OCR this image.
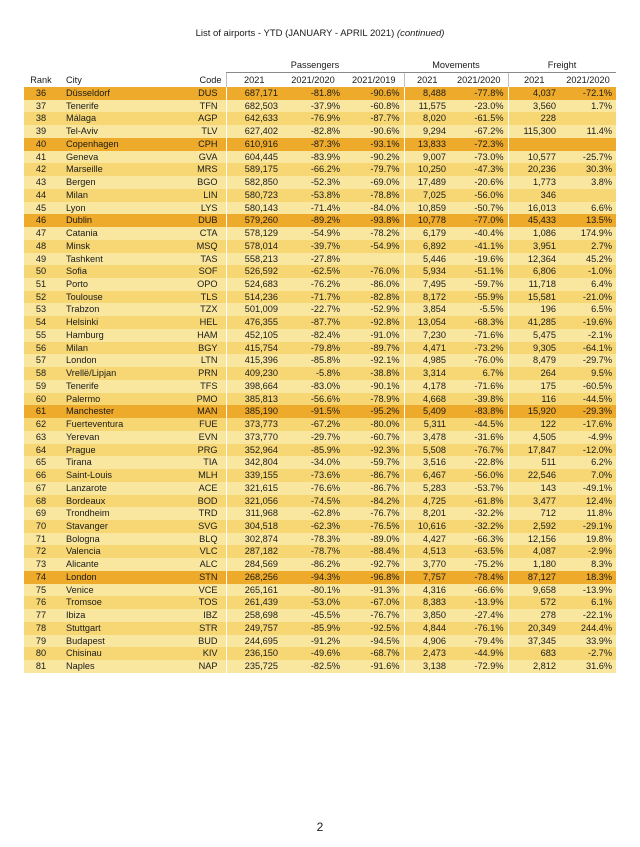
List of airports - YTD (JANUARY - APRIL 2021) (continued)
			Passengers			Movements		Freight	
Rank	City	Code	2021	2021/2020	2021/2019	2021	2021/2020	2021	2021/2020
36	Düsseldorf	DUS	687,171	-81.8%	-90.6%	8,488	-77.8%	4,037	-72.1%
37	Tenerife	TFN	682,503	-37.9%	-60.8%	11,575	-23.0%	3,560	1.7%
38	Málaga	AGP	642,633	-76.9%	-87.7%	8,020	-61.5%	228	
39	Tel-Aviv	TLV	627,402	-82.8%	-90.6%	9,294	-67.2%	115,300	11.4%
40	Copenhagen	CPH	610,916	-87.3%	-93.1%	13,833	-72.3%		
41	Geneva	GVA	604,445	-83.9%	-90.2%	9,007	-73.0%	10,577	-25.7%
42	Marseille	MRS	589,175	-66.2%	-79.7%	10,250	-47.3%	20,236	30.3%
43	Bergen	BGO	582,850	-52.3%	-69.0%	17,489	-20.6%	1,773	3.8%
44	Milan	LIN	580,723	-53.8%	-78.8%	7,025	-56.0%	346	
45	Lyon	LYS	580,143	-71.4%	-84.0%	10,859	-50.7%	16,013	6.6%
46	Dublin	DUB	579,260	-89.2%	-93.8%	10,778	-77.0%	45,433	13.5%
47	Catania	CTA	578,129	-54.9%	-78.2%	6,179	-40.4%	1,086	174.9%
48	Minsk	MSQ	578,014	-39.7%	-54.9%	6,892	-41.1%	3,951	2.7%
49	Tashkent	TAS	558,213	-27.8%		5,446	-19.6%	12,364	45.2%
50	Sofia	SOF	526,592	-62.5%	-76.0%	5,934	-51.1%	6,806	-1.0%
51	Porto	OPO	524,683	-76.2%	-86.0%	7,495	-59.7%	11,718	6.4%
52	Toulouse	TLS	514,236	-71.7%	-82.8%	8,172	-55.9%	15,581	-21.0%
53	Trabzon	TZX	501,009	-22.7%	-52.9%	3,854	-5.5%	196	6.5%
54	Helsinki	HEL	476,355	-87.7%	-92.8%	13,054	-68.3%	41,285	-19.6%
55	Hamburg	HAM	452,105	-82.4%	-91.0%	7,230	-71.6%	5,475	-2.1%
56	Milan	BGY	415,754	-79.8%	-89.7%	4,471	-73.2%	9,305	-64.1%
57	London	LTN	415,396	-85.8%	-92.1%	4,985	-76.0%	8,479	-29.7%
58	Vrellë/Lipjan	PRN	409,230	-5.8%	-38.8%	3,314	6.7%	264	9.5%
59	Tenerife	TFS	398,664	-83.0%	-90.1%	4,178	-71.6%	175	-60.5%
60	Palermo	PMO	385,813	-56.6%	-78.9%	4,668	-39.8%	116	-44.5%
61	Manchester	MAN	385,190	-91.5%	-95.2%	5,409	-83.8%	15,920	-29.3%
62	Fuerteventura	FUE	373,773	-67.2%	-80.0%	5,311	-44.5%	122	-17.6%
63	Yerevan	EVN	373,770	-29.7%	-60.7%	3,478	-31.6%	4,505	-4.9%
64	Prague	PRG	352,964	-85.9%	-92.3%	5,508	-76.7%	17,847	-12.0%
65	Tirana	TIA	342,804	-34.0%	-59.7%	3,516	-22.8%	511	6.2%
66	Saint-Louis	MLH	339,155	-73.6%	-86.7%	6,467	-56.0%	22,546	7.0%
67	Lanzarote	ACE	321,615	-76.6%	-86.7%	5,283	-53.7%	143	-49.1%
68	Bordeaux	BOD	321,056	-74.5%	-84.2%	4,725	-61.8%	3,477	12.4%
69	Trondheim	TRD	311,968	-62.8%	-76.7%	8,201	-32.2%	712	11.8%
70	Stavanger	SVG	304,518	-62.3%	-76.5%	10,616	-32.2%	2,592	-29.1%
71	Bologna	BLQ	302,874	-78.3%	-89.0%	4,427	-66.3%	12,156	19.8%
72	Valencia	VLC	287,182	-78.7%	-88.4%	4,513	-63.5%	4,087	-2.9%
73	Alicante	ALC	284,569	-86.2%	-92.7%	3,770	-75.2%	1,180	8.3%
74	London	STN	268,256	-94.3%	-96.8%	7,757	-78.4%	87,127	18.3%
75	Venice	VCE	265,161	-80.1%	-91.3%	4,316	-66.6%	9,658	-13.9%
76	Tromsoe	TOS	261,439	-53.0%	-67.0%	8,383	-13.9%	572	6.1%
77	Ibiza	IBZ	258,698	-45.5%	-76.7%	3,850	-27.4%	278	-22.1%
78	Stuttgart	STR	249,757	-85.9%	-92.5%	4,844	-76.1%	20,349	244.4%
79	Budapest	BUD	244,695	-91.2%	-94.5%	4,906	-79.4%	37,345	33.9%
80	Chisinau	KIV	236,150	-49.6%	-68.7%	2,473	-44.9%	683	-2.7%
81	Naples	NAP	235,725	-82.5%	-91.6%	3,138	-72.9%	2,812	31.6%
2
